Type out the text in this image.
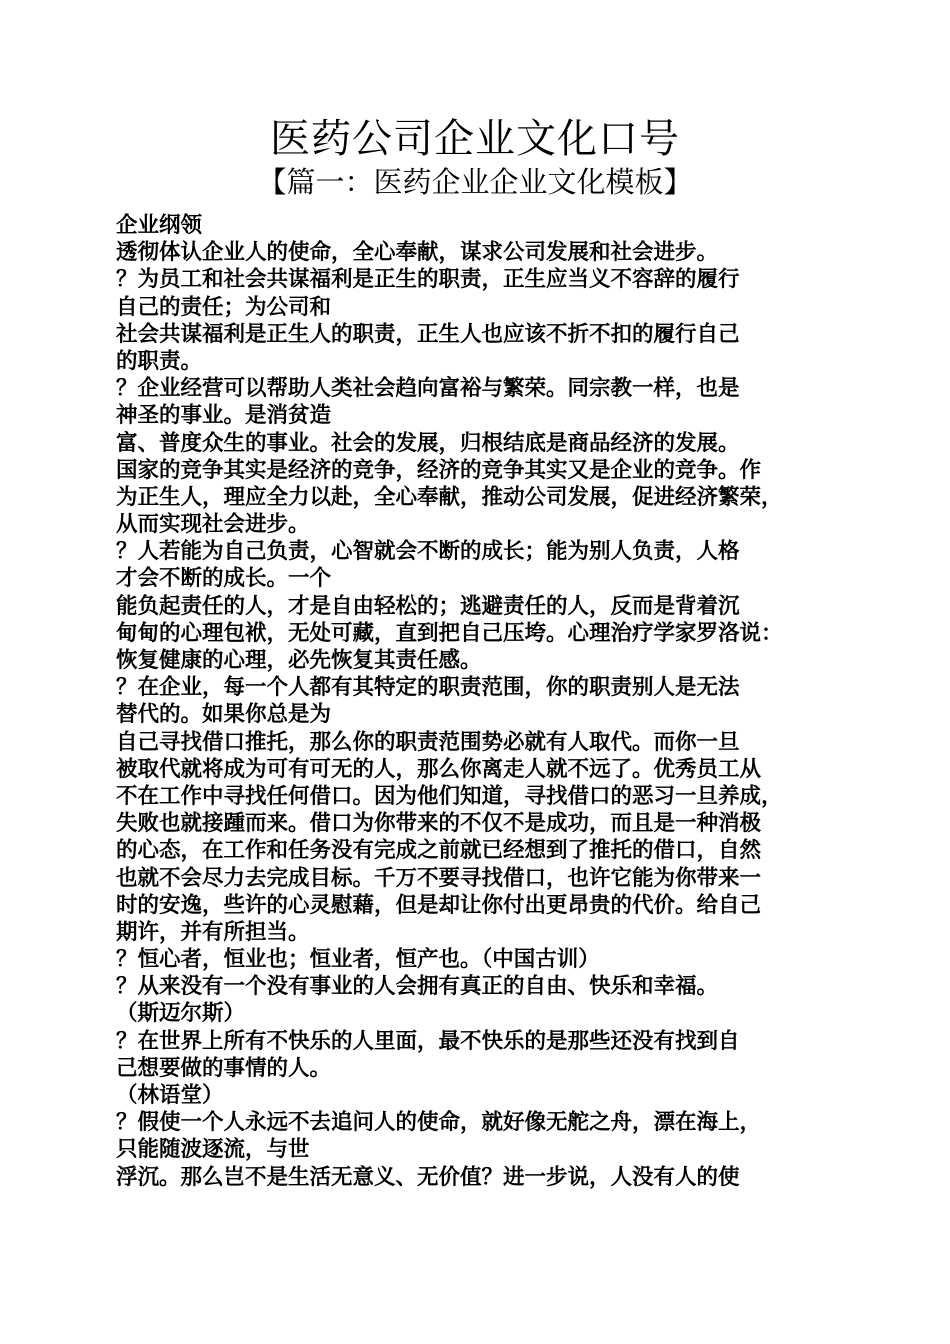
医药公司企业文化口号
【篇一：医药企业企业文化模板】
企业纲领
透彻体认企业人的使命，全心奉献，谋求公司发展和社会进步。
？为员工和社会共谋福利是正生的职责，正生应当义不容辞的履行
自己的责任；为公司和
社会共谋福利是正生人的职责，正生人也应该不折不扣的履行自己
的职责。
？企业经营可以帮助人类社会趋向富裕与繁荣。同宗教一样，也是
神圣的事业。是消贫造
富、普度众生的事业。社会的发展，归根结底是商品经济的发展。
国家的竞争其实是经济的竞争，经济的竞争其实又是企业的竞争。作
为正生人，理应全力以赴，全心奉献，推动公司发展，促进经济繁荣，
从而实现社会进步。
？人若能为自己负责，心智就会不断的成长；能为别人负责，人格
才会不断的成长。一个
能负起责任的人，才是自由轻松的；逃避责任的人，反而是背着沉
甸甸的心理包袱，无处可藏，直到把自己压垮。心理治疗学家罗洛说：
恢复健康的心理，必先恢复其责任感。
？在企业，每一个人都有其特定的职责范围，你的职责别人是无法
替代的。如果你总是为
自己寻找借口推托，那么你的职责范围势必就有人取代。而你一旦
被取代就将成为可有可无的人，那么你离走人就不远了。优秀员工从
不在工作中寻找任何借口。因为他们知道，寻找借口的恶习一旦养成，
失败也就接踵而来。借口为你带来的不仅不是成功，而且是一种消极
的心态，在工作和任务没有完成之前就已经想到了推托的借口，自然
也就不会尽力去完成目标。千万不要寻找借口，也许它能为你带来一
时的安逸，些许的心灵慰藉，但是却让你付出更昂贵的代价。给自己
期许，并有所担当。
？恒心者，恒业也；恒业者，恒产也。（中国古训）
？从来没有一个没有事业的人会拥有真正的自由、快乐和幸福。
（斯迈尔斯）
？在世界上所有不快乐的人里面，最不快乐的是那些还没有找到自
己想要做的事情的人。
（林语堂）
？假使一个人永远不去追问人的使命，就好像无舵之舟，漂在海上，
只能随波逐流，与世
浮沉。那么岂不是生活无意义、无价值？进一步说，人没有人的使
